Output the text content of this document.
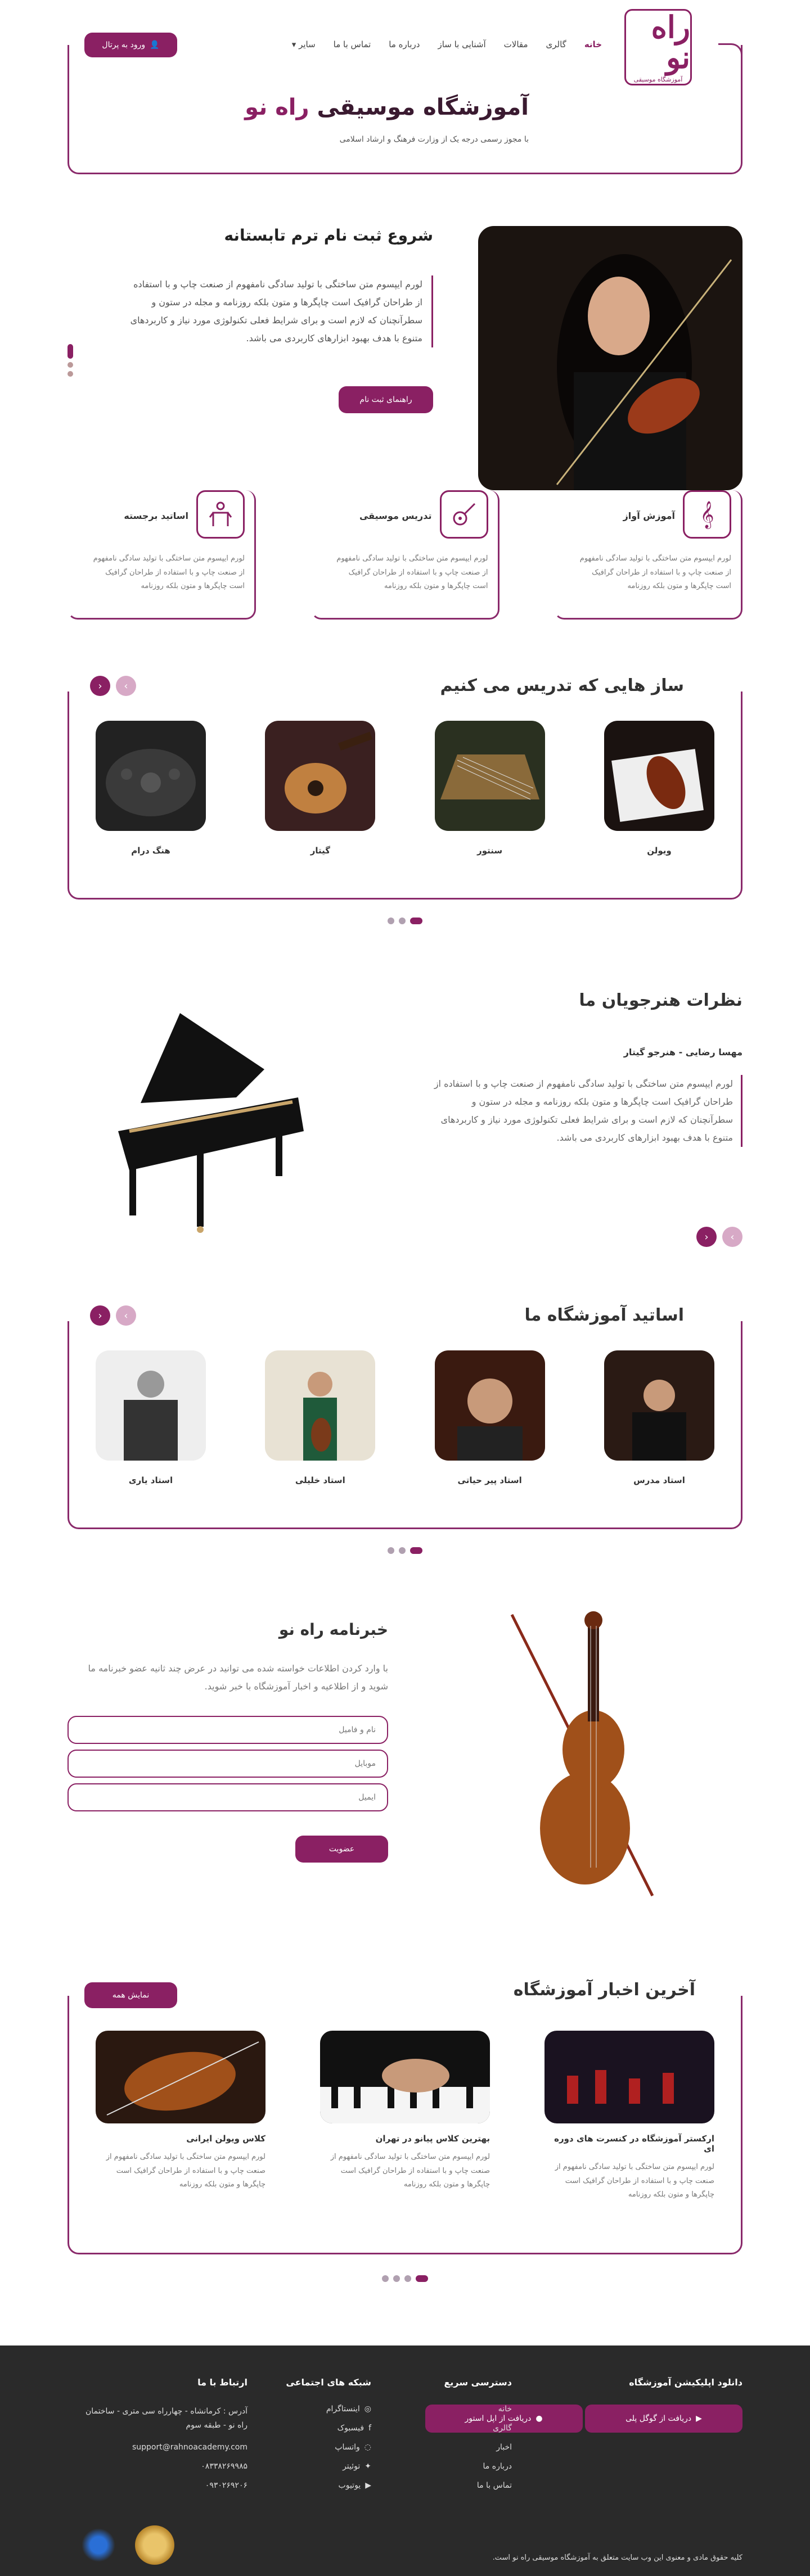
راه نو
آموزشگاه موسیقی
خانه
گالری
مقالات
آشنایی با ساز
درباره ما
تماس با ما
سایر ▾
👤
ورود به پرتال
آموزشگاه موسیقی راه نو
با مجوز رسمی درجه یک از وزارت فرهنگ و ارشاد اسلامی
شروع ثبت نام ترم تابستانه
لورم ایپسوم متن ساختگی با تولید سادگی نامفهوم از صنعت چاپ و با استفاده از طراحان گرافیک است چاپگرها و متون بلکه روزنامه و مجله در ستون و سطرآنچنان که لازم است و برای شرایط فعلی تکنولوژی مورد نیاز و کاربردهای متنوع با هدف بهبود ابزارهای کاربردی می باشد.
راهنمای ثبت نام
𝄞
آموزش آواز
لورم ایپسوم متن ساختگی با تولید سادگی نامفهوم از صنعت چاپ و با استفاده از طراحان گرافیک است چاپگرها و متون بلکه روزنامه
تدریس موسیقی
لورم ایپسوم متن ساختگی با تولید سادگی نامفهوم از صنعت چاپ و با استفاده از طراحان گرافیک است چاپگرها و متون بلکه روزنامه
اساتید برجسته
لورم ایپسوم متن ساختگی با تولید سادگی نامفهوم از صنعت چاپ و با استفاده از طراحان گرافیک است چاپگرها و متون بلکه روزنامه
ساز هایی که تدریس می کنیم
›
‹
ویولن
سنتور
گیتار
هنگ درام
نظرات هنرجویان ما
مهسا رضایی - هنرجو گیتار
لورم ایپسوم متن ساختگی با تولید سادگی نامفهوم از صنعت چاپ و با استفاده از طراحان گرافیک است چاپگرها و متون بلکه روزنامه و مجله در ستون و سطرآنچنان که لازم است و برای شرایط فعلی تکنولوژی مورد نیاز و کاربردهای متنوع با هدف بهبود ابزارهای کاربردی می باشد.
›
‹
اساتید آموزشگاه ما
›
‹
استاد مدرس
استاد پیر حیاتی
استاد خلیلی
استاد یاری
خبرنامه راه نو
با وارد کردن اطلاعات خواسته شده می توانید در عرض چند ثانیه عضو خبرنامه ما شوید و از اطلاعیه و اخبار آموزشگاه با خبر شوید.
نام و فامیل
موبایل
ایمیل
عضویت
آخرین اخبار آموزشگاه
نمایش همه
ارکستر آموزشگاه در کنسرت های دوره ای
لورم ایپسوم متن ساختگی با تولید سادگی نامفهوم از صنعت چاپ و با استفاده از طراحان گرافیک است چاپگرها و متون بلکه روزنامه
بهترین کلاس پیانو در تهران
لورم ایپسوم متن ساختگی با تولید سادگی نامفهوم از صنعت چاپ و با استفاده از طراحان گرافیک است چاپگرها و متون بلکه روزنامه
کلاس ویولن ایرانی
لورم ایپسوم متن ساختگی با تولید سادگی نامفهوم از صنعت چاپ و با استفاده از طراحان گرافیک است چاپگرها و متون بلکه روزنامه
دانلود اپلیکیشن آموزشگاه
▶
دریافت از گوگل پلی

●
دریافت از اپل استور
دسترسی سریع
خانه
گالری
اخبار
درباره ما
تماس با ما
شبکه های اجتماعی
◎
اینستاگرام
f
فیسبوک
◌
واتساپ
✦
توئیتر
▶
یوتیوب
ارتباط با ما
آدرس : کرمانشاه - چهارراه سی متری - ساختمان راه نو - طبقه سوم
support@rahnoacademy.com
۰۸۳۳۸۲۶۹۹۸۵
۰۹۳۰۲۶۹۲۰۶
کلیه حقوق مادی و معنوی این وب سایت متعلق به آموزشگاه موسیقی راه نو است.
